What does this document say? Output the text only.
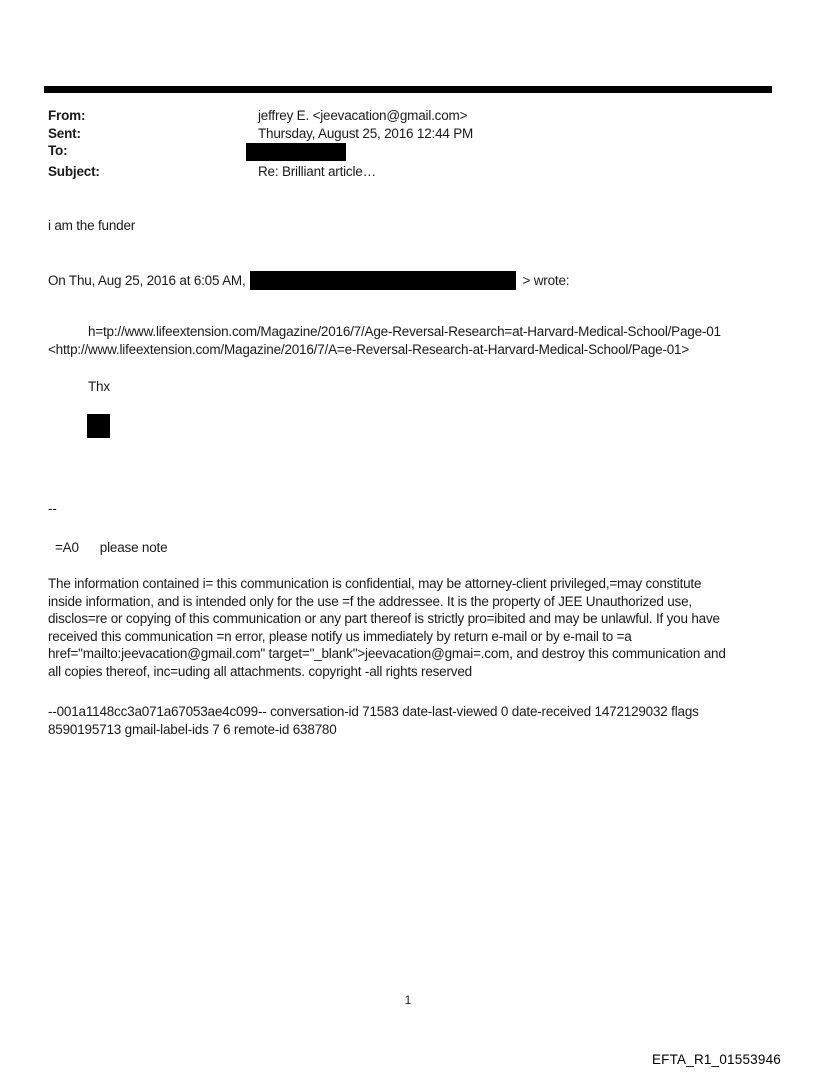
From:	jeffrey E. <jeevacation@gmail.com>
Sent:	Thursday, August 25, 2016 12:44 PM
To:
Subject:	Re: Brilliant article…
i am the funder
On Thu, Aug 25, 2016 at 6:05 AM,	> wrote:
h=tp://www.lifeextension.com/Magazine/2016/7/Age-Reversal-Research=at-Harvard-Medical-School/Page-01
<http://www.lifeextension.com/Magazine/2016/7/A=e-Reversal-Research-at-Harvard-Medical-School/Page-01>
Thx
--
=A0 please note
The information contained i= this communication is confidential, may be attorney-client privileged,=may constitute
inside information, and is intended only for the use =f the addressee. It is the property of JEE Unauthorized use,
disclos=re or copying of this communication or any part thereof is strictly pro=ibited and may be unlawful. If you have
received this communication =n error, please notify us immediately by return e-mail or by e-mail to =a
href="mailto:jeevacation@gmail.com" target="_blank">jeevacation@gmai=.com, and destroy this communication and
all copies thereof, inc=uding all attachments. copyright -all rights reserved
--001a1148cc3a071a67053ae4c099-- conversation-id 71583 date-last-viewed 0 date-received 1472129032 flags
8590195713 gmail-label-ids 7 6 remote-id 638780
1
EFTA_R1_01553946
